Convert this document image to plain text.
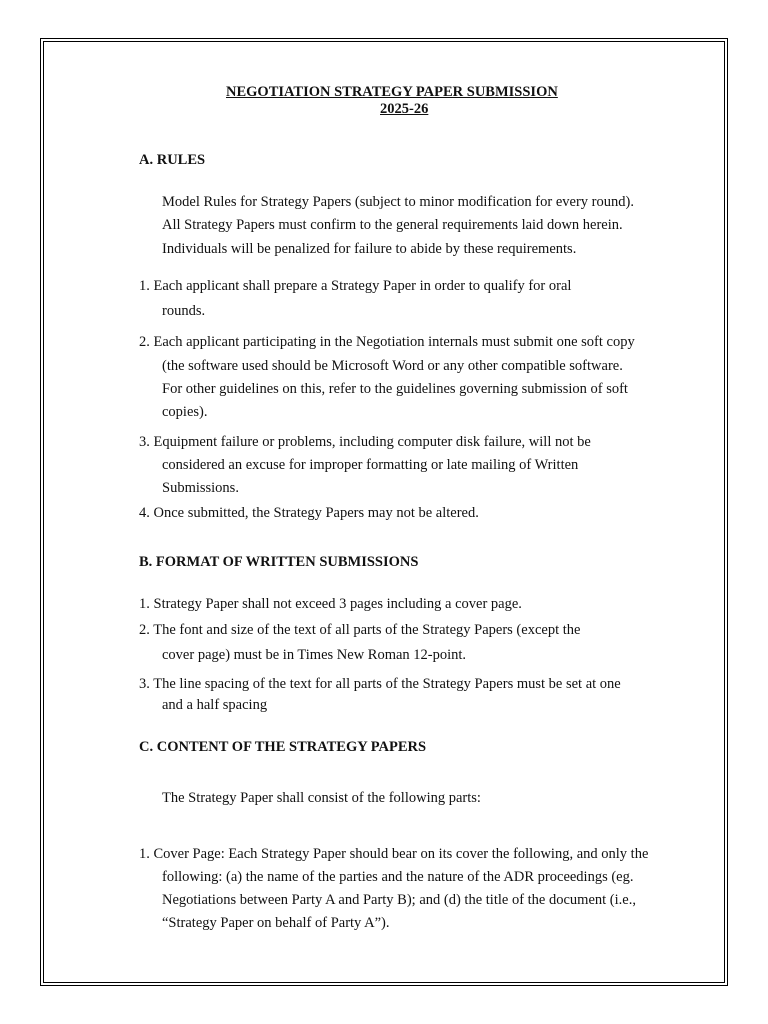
NEGOTIATION STRATEGY PAPER SUBMISSION
2025-26
A. RULES
Model Rules for Strategy Papers (subject to minor modification for every round).
All Strategy Papers must confirm to the general requirements laid down herein.
Individuals will be penalized for failure to abide by these requirements.
1. Each applicant shall prepare a Strategy Paper in order to qualify for oral
rounds.
2. Each applicant participating in the Negotiation internals must submit one soft copy
(the software used should be Microsoft Word or any other compatible software.
For other guidelines on this, refer to the guidelines governing submission of soft
copies).
3. Equipment failure or problems, including computer disk failure, will not be
considered an excuse for improper formatting or late mailing of Written
Submissions.
4. Once submitted, the Strategy Papers may not be altered.
B. FORMAT OF WRITTEN SUBMISSIONS
1. Strategy Paper shall not exceed 3 pages including a cover page.
2. The font and size of the text of all parts of the Strategy Papers (except the
cover page) must be in Times New Roman 12-point.
3. The line spacing of the text for all parts of the Strategy Papers must be set at one
and a half spacing
C. CONTENT OF THE STRATEGY PAPERS
The Strategy Paper shall consist of the following parts:
1. Cover Page: Each Strategy Paper should bear on its cover the following, and only the
following: (a) the name of the parties and the nature of the ADR proceedings (eg.
Negotiations between Party A and Party B); and (d) the title of the document (i.e.,
“Strategy Paper on behalf of Party A”).
